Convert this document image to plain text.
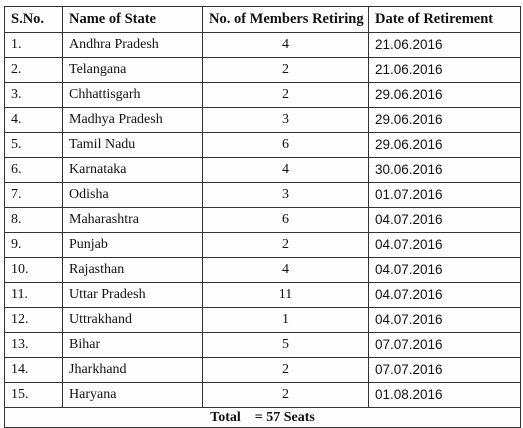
S.No.	Name of State	No. of Members Retiring	Date of Retirement
1.	Andhra Pradesh	4	21.06.2016
2.	Telangana	2	21.06.2016
3.	Chhattisgarh	2	29.06.2016
4.	Madhya Pradesh	3	29.06.2016
5.	Tamil Nadu	6	29.06.2016
6.	Karnataka	4	30.06.2016
7.	Odisha	3	01.07.2016
8.	Maharashtra	6	04.07.2016
9.	Punjab	2	04.07.2016
10.	Rajasthan	4	04.07.2016
11.	Uttar Pradesh	11	04.07.2016
12.	Uttrakhand	1	04.07.2016
13.	Bihar	5	07.07.2016
14.	Jharkhand	2	07.07.2016
15.	Haryana	2	01.08.2016
Total = 57 Seats			
